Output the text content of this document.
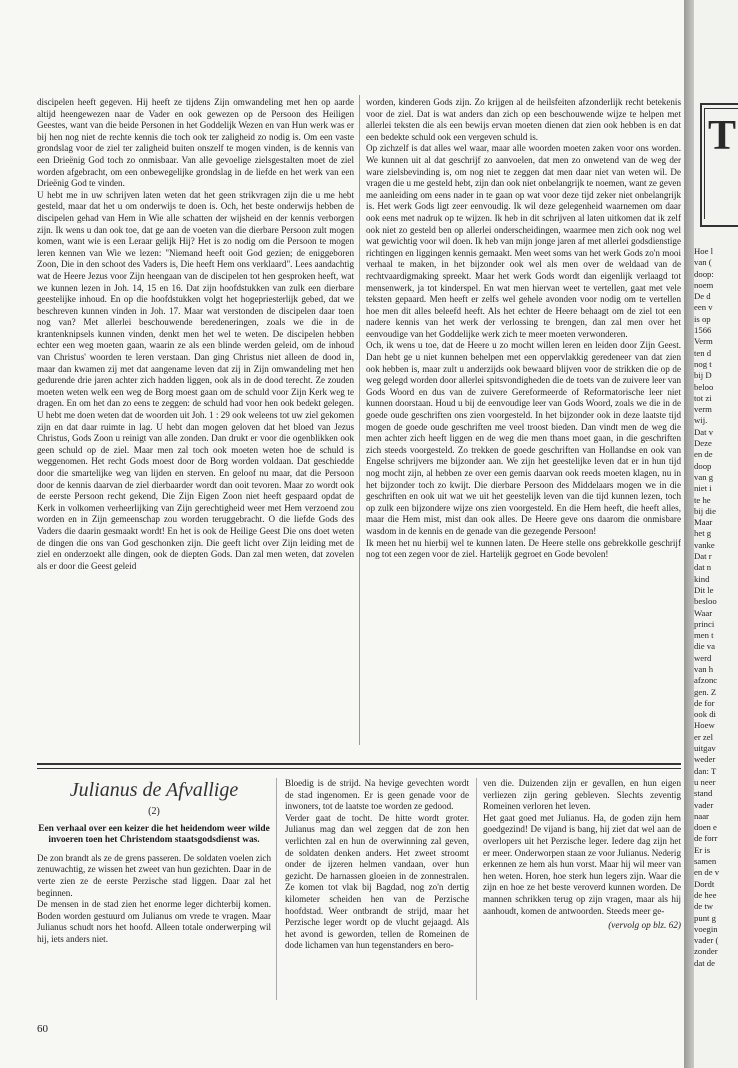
discipelen heeft gegeven. Hij heeft ze tijdens Zijn omwandeling met hen op aarde altijd heengewezen naar de Vader en ook gewezen op de Persoon des Heiligen Geestes, want van die beide Personen in het Goddelijk Wezen en van Hun werk was er bij hen nog niet de rechte kennis die toch ook ter zaligheid zo nodig is. Om een vaste grondslag voor de ziel ter zaligheid buiten onszelf te mogen vinden, is de kennis van een Drieënig God toch zo onmisbaar. Van alle gevoelige zielsgestalten moet de ziel worden afgebracht, om een onbewegelijke grondslag in de liefde en het werk van een Drieënig God te vinden.

U hebt me in uw schrijven laten weten dat het geen strikvragen zijn die u me hebt gesteld, maar dat het u om onderwijs te doen is. Och, het beste onderwijs hebben de discipelen gehad van Hem in Wie alle schatten der wijsheid en der kennis verborgen zijn. Ik wens u dan ook toe, dat ge aan de voeten van die dierbare Persoon zult mogen komen, want wie is een Leraar gelijk Hij? Het is zo nodig om die Persoon te mogen leren kennen van Wie we lezen: "Niemand heeft ooit God gezien; de eniggeboren Zoon, Die in den schoot des Vaders is, Die heeft Hem ons verklaard". Lees aandachtig wat de Heere Jezus voor Zijn heengaan van de discipelen tot hen gesproken heeft, wat we kunnen lezen in Joh. 14, 15 en 16. Dat zijn hoofdstukken van zulk een dierbare geestelijke inhoud. En op die hoofdstukken volgt het hogepriesterlijk gebed, dat we beschreven kunnen vinden in Joh. 17. Maar wat verstonden de discipelen daar toen nog van? Met allerlei beschouwende beredeneringen, zoals we die in de krantenknipsels kunnen vinden, denkt men het wel te weten. De discipelen hebben echter een weg moeten gaan, waarin ze als een blinde werden geleid, om de inhoud van Christus' woorden te leren verstaan. Dan ging Christus niet alleen de dood in, maar dan kwamen zij met dat aangename leven dat zij in Zijn omwandeling met hen gedurende drie jaren achter zich hadden liggen, ook als in de dood terecht. Ze zouden moeten weten welk een weg de Borg moest gaan om de schuld voor Zijn Kerk weg te dragen. En om het dan zo eens te zeggen: de schuld had voor hen ook bedekt gelegen. U hebt me doen weten dat de woorden uit Joh. 1 : 29 ook weleens tot uw ziel gekomen zijn en dat daar ruimte in lag. U hebt dan mogen geloven dat het bloed van Jezus Christus, Gods Zoon u reinigt van alle zonden. Dan drukt er voor die ogenblikken ook geen schuld op de ziel. Maar men zal toch ook moeten weten hoe de schuld is weggenomen. Het recht Gods moest door de Borg worden voldaan. Dat geschiedde door die smartelijke weg van lijden en sterven. En geloof nu maar, dat die Persoon door de kennis daarvan de ziel dierbaarder wordt dan ooit tevoren. Maar zo wordt ook de eerste Persoon recht gekend, Die Zijn Eigen Zoon niet heeft gespaard opdat de Kerk in volkomen verheerlijking van Zijn gerechtigheid weer met Hem verzoend zou worden en in Zijn gemeenschap zou worden teruggebracht. O die liefde Gods des Vaders die daarin gesmaakt wordt! En het is ook de Heilige Geest Die ons doet weten de dingen die ons van God geschonken zijn. Die geeft licht over Zijn leiding met de ziel en onderzoekt alle dingen, ook de diepten Gods. Dan zal men weten, dat zovelen als er door die Geest geleid

worden, kinderen Gods zijn. Zo krijgen al de heilsfeiten afzonderlijk recht betekenis voor de ziel. Dat is wat anders dan zich op een beschouwende wijze te helpen met allerlei teksten die als een bewijs ervan moeten dienen dat zien ook hebben is en dat een bedekte schuld ook een vergeven schuld is.

Op zichzelf is dat alles wel waar, maar alle woorden moeten zaken voor ons worden. We kunnen uit al dat geschrijf zo aanvoelen, dat men zo onwetend van de weg der ware zielsbevinding is, om nog niet te zeggen dat men daar niet van weten wil. De vragen die u me gesteld hebt, zijn dan ook niet onbelangrijk te noemen, want ze geven me aanleiding om eens nader in te gaan op wat voor deze tijd zeker niet onbelangrijk is. Het werk Gods ligt zeer eenvoudig. Ik wil deze gelegenheid waarnemen om daar ook eens met nadruk op te wijzen. Ik heb in dit schrijven al laten uitkomen dat ik zelf ook niet zo gesteld ben op allerlei onderscheidingen, waarmee men zich ook nog wel wat gewichtig voor wil doen. Ik heb van mijn jonge jaren af met allerlei godsdienstige richtingen en liggingen kennis gemaakt. Men weet soms van het werk Gods zo'n mooi verhaal te maken, in het bijzonder ook wel als men over de weldaad van de rechtvaardigmaking spreekt. Maar het werk Gods wordt dan eigenlijk verlaagd tot mensenwerk, ja tot kinderspel. En wat men hiervan weet te vertellen, gaat met vele teksten gepaard. Men heeft er zelfs wel gehele avonden voor nodig om te vertellen hoe men dit alles beleefd heeft. Als het echter de Heere behaagt om de ziel tot een nadere kennis van het werk der verlossing te brengen, dan zal men over het eenvoudige van het Goddelijke werk zich te meer moeten verwonderen.

Och, ik wens u toe, dat de Heere u zo mocht willen leren en leiden door Zijn Geest. Dan hebt ge u niet kunnen behelpen met een oppervlakkig geredeneer van dat zien ook hebben is, maar zult u anderzijds ook bewaard blijven voor de strikken die op de weg gelegd worden door allerlei spitsvondigheden die de toets van de zuivere leer van Gods Woord en dus van de zuivere Gereformeerde of Reformatorische leer niet kunnen doorstaan. Houd u bij de eenvoudige leer van Gods Woord, zoals we die in de goede oude geschriften ons zien voorgesteld. In het bijzonder ook in deze laatste tijd mogen de goede oude geschriften me veel troost bieden. Dan vindt men de weg die men achter zich heeft liggen en de weg die men thans moet gaan, in die geschriften zich steeds voorgesteld. Zo trekken de goede geschriften van Hollandse en ook van Engelse schrijvers me bijzonder aan. We zijn het geestelijke leven dat er in hun tijd nog mocht zijn, al hebben ze over een gemis daarvan ook reeds moeten klagen, nu in het bijzonder toch zo kwijt. Die dierbare Persoon des Middelaars mogen we in die geschriften en ook uit wat we uit het geestelijk leven van die tijd kunnen lezen, toch op zulk een bijzondere wijze ons zien voorgesteld. En die Hem heeft, die heeft alles, maar die Hem mist, mist dan ook alles. De Heere geve ons daarom die onmisbare wasdom in de kennis en de genade van die gezegende Persoon!

Ik meen het nu hierbij wel te kunnen laten. De Heere stelle ons gebrekkolle geschrijf nog tot een zegen voor de ziel. Hartelijk gegroet en Gode bevolen!

Julianus de Afvallige
(2)
Een verhaal over een keizer die het heidendom weer wilde invoeren toen het Christendom staatsgodsdienst was.

De zon brandt als ze de grens passeren. De soldaten voelen zich zenuwachtig, ze wissen het zweet van hun gezichten. Daar in de verte zien ze de eerste Perzische stad liggen. Daar zal het beginnen.

De mensen in de stad zien het enorme leger dichterbij komen. Boden worden gestuurd om Julianus om vrede te vragen. Maar Julianus schudt nors het hoofd. Alleen totale onderwerping wil hij, iets anders niet.

Bloedig is de strijd. Na hevige gevechten wordt de stad ingenomen. Er is geen genade voor de inwoners, tot de laatste toe worden ze gedood.

Verder gaat de tocht. De hitte wordt groter. Julianus mag dan wel zeggen dat de zon hen verlichten zal en hun de overwinning zal geven, de soldaten denken anders. Het zweet stroomt onder de ijzeren helmen vandaan, over hun gezicht. De harnassen gloeien in de zonnestralen. Ze komen tot vlak bij Bagdad, nog zo'n dertig kilometer scheiden hen van de Perzische hoofdstad. Weer ontbrandt de strijd, maar het Perzische leger wordt op de vlucht gejaagd. Als het avond is geworden, tellen de Romeinen de dode lichamen van hun tegenstanders en bero-

ven die. Duizenden zijn er gevallen, en hun eigen verliezen zijn gering gebleven. Slechts zeventig Romeinen verloren het leven.

Het gaat goed met Julianus. Ha, de goden zijn hem goedgezind! De vijand is bang, hij ziet dat wel aan de overlopers uit het Perzische leger. Iedere dag zijn het er meer. Onderworpen staan ze voor Julianus. Nederig erkennen ze hem als hun vorst. Maar hij wil meer van hen weten. Horen, hoe sterk hun legers zijn. Waar die zijn en hoe ze het beste veroverd kunnen worden. De mannen schrikken terug op zijn vragen, maar als hij aanhoudt, komen de antwoorden. Steeds meer ge-

(vervolg op blz. 62)
60
T
Hoe l
van (
doop:
noem
De d
een v
is op
1566
Verm
ten d
nog t
bij D
beloo
tot zi
verm
wij.
Dat v
Deze
en de
doop
van g
niet i
te he
bij die
Maar
het g
vanke
Dat r
dat n
kind
Dit le
besloo
Waar
princi
men t
die va
werd
van h
afzonc
gen. Z
de for
ook di
Hoew
er zel
uitgav
weder
dan: T
u neer
stand
vader
naar
doen e
de forr
Er is
samen
en de v
Dordt
de hee
de tw
punt g
voegin
vader (
zonder
dat de
